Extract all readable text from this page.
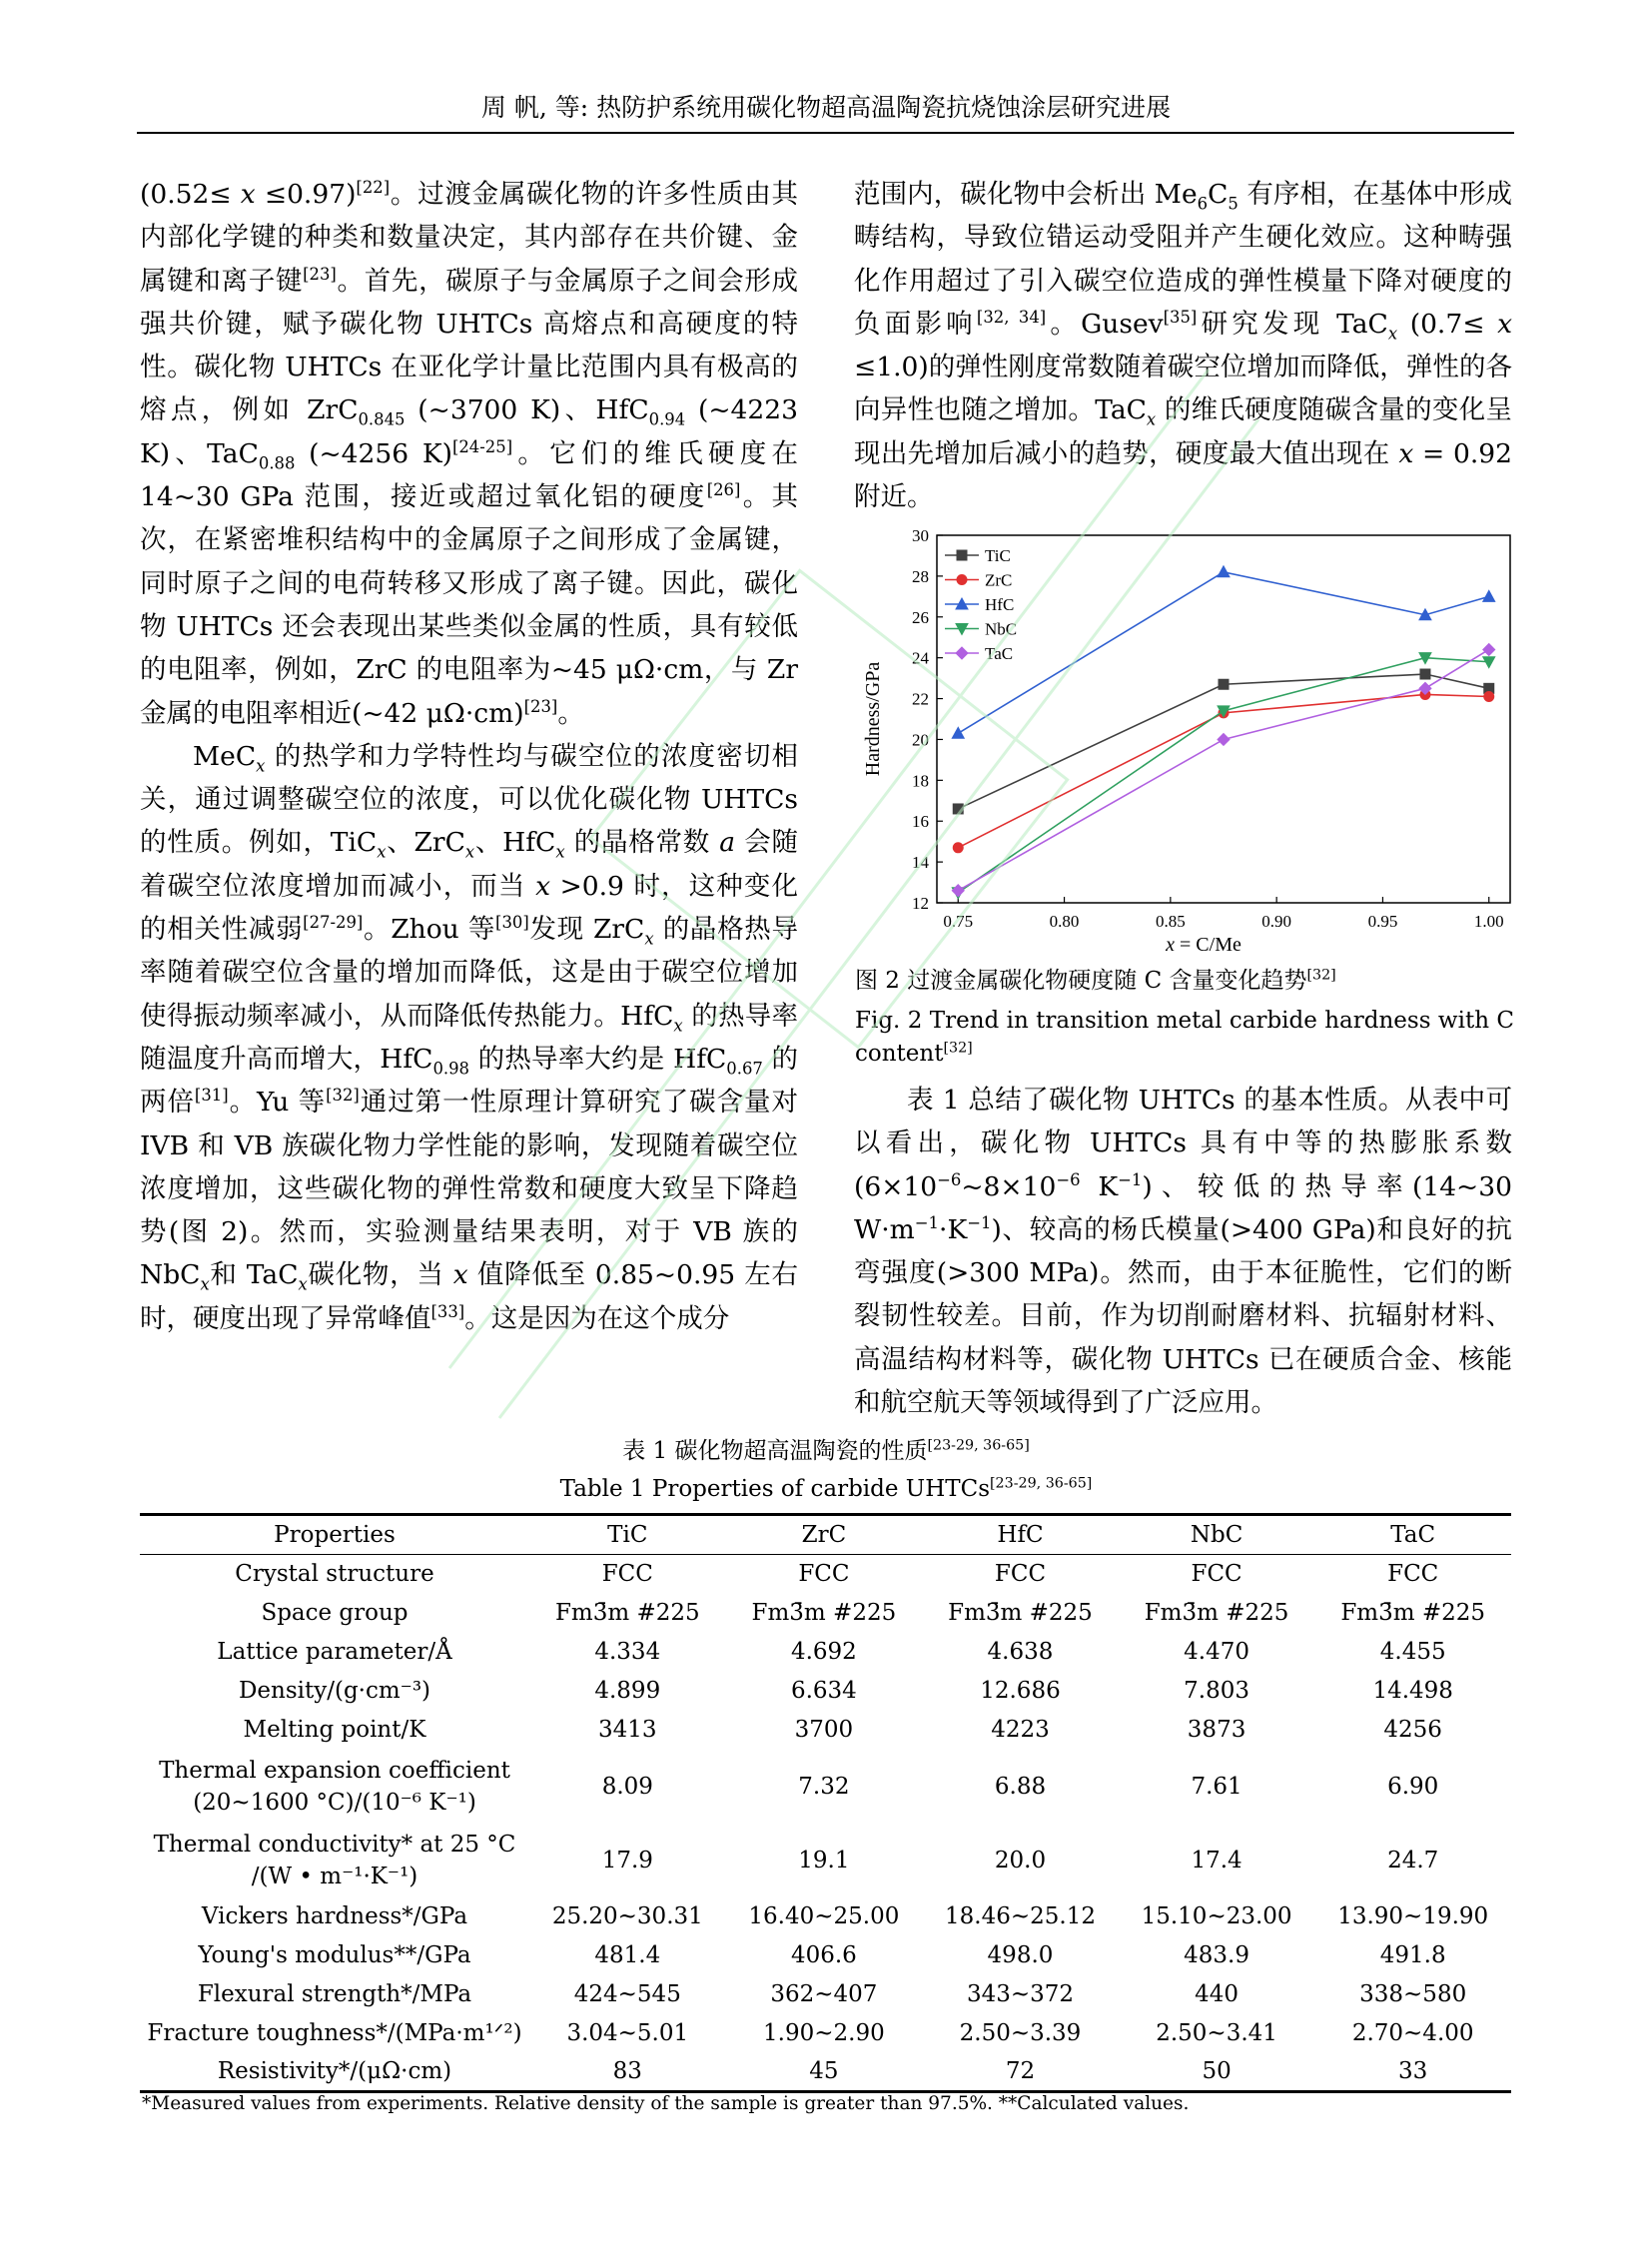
周 帆, 等: 热防护系统用碳化物超高温陶瓷抗烧蚀涂层研究进展

(0.52≤ x ≤0.97)[22]。过渡金属碳化物的许多性质由其内部化学键的种类和数量决定，其内部存在共价键、金属键和离子键[23]。首先，碳原子与金属原子之间会形成强共价键，赋予碳化物 UHTCs 高熔点和高硬度的特性。碳化物 UHTCs 在亚化学计量比范围内具有极高的熔点，例如 ZrC$_{0.845}$ (~3700 K)、HfC$_{0.94}$ (~4223 K)、TaC$_{0.88}$ (~4256 K)[24-25]。它们的维氏硬度在 14~30 GPa 范围，接近或超过氧化铝的硬度[26]。其次，在紧密堆积结构中的金属原子之间形成了金属键，同时原子之间的电荷转移又形成了离子键。因此，碳化物 UHTCs 还会表现出某些类似金属的性质，具有较低的电阻率，例如，ZrC 的电阻率为~45 μΩ·cm，与 Zr 金属的电阻率相近(~42 μΩ·cm)[23]。

MeC$_x$ 的热学和力学特性均与碳空位的浓度密切相关，通过调整碳空位的浓度，可以优化碳化物 UHTCs 的性质。例如，TiC$_x$、ZrC$_x$、HfC$_x$ 的晶格常数 a 会随着碳空位浓度增加而减小，而当 x >0.9 时，这种变化的相关性减弱[27-29]。Zhou 等[30]发现 ZrC$_x$ 的晶格热导率随着碳空位含量的增加而降低，这是由于碳空位增加使得振动频率减小，从而降低传热能力。HfC$_x$ 的热导率随温度升高而增大，HfC$_{0.98}$ 的热导率大约是 HfC$_{0.67}$ 的两倍[31]。Yu 等[32]通过第一性原理计算研究了碳含量对 IVB 和 VB 族碳化物力学性能的影响，发现随着碳空位浓度增加，这些碳化物的弹性常数和硬度大致呈下降趋势(图 2)。然而，实验测量结果表明，对于 VB 族的 NbC$_x$和 TaC$_x$碳化物，当 x 值降低至 0.85~0.95 左右时，硬度出现了异常峰值[33]。这是因为在这个成分

范围内，碳化物中会析出 $Me_6C_5$ 有序相，在基体中形成畴结构，导致位错运动受阻并产生硬化效应。这种畴强化作用超过了引入碳空位造成的弹性模量下降对硬度的负面影响[32, 34]。Gusev[35]研究发现 TaC$_x$ (0.7≤ x ≤1.0)的弹性刚度常数随着碳空位增加而降低，弹性的各向异性也随之增加。TaC$_x$ 的维氏硬度随碳含量的变化呈现出先增加后减小的趋势，硬度最大值出现在 x = 0.92 附近。

0.75	0.80	0.85	0.90	0.95	1.00
12
14
16
18
20
22
24
26
28
30
x = C/Me
Hardness/GPa
TiC
ZrC
HfC
NbC
TaC
图 2 过渡金属碳化物硬度随 C 含量变化趋势[32]
Fig. 2 Trend in transition metal carbide hardness with C content[32]

表 1 总结了碳化物 UHTCs 的基本性质。从表中可以看出，碳化物 UHTCs 具有中等的热膨胀系数($6\times 10^{-6}\sim 8\times 10^{-6}$ $K^{-1}$)、较低的热导率(14~30 $W\cdot m^{-1}\cdot K^{-1}$)、较高的杨氏模量(>400 GPa)和良好的抗弯强度(>300 MPa)。然而，由于本征脆性，它们的断裂韧性较差。目前，作为切削耐磨材料、抗辐射材料、高温结构材料等，碳化物 UHTCs 已在硬质合金、核能和航空航天等领域得到了广泛应用。

表 1 碳化物超高温陶瓷的性质[23-29, 36-65]
Table 1 Properties of carbide UHTCs[23-29, 36-65]
Properties	TiC	ZrC	HfC	NbC	TaC
Crystal structure	FCC	FCC	FCC	FCC	FCC
Space group	Fm3̄m #225	Fm3̄m #225	Fm3̄m #225	Fm3̄m #225	Fm3̄m #225
Lattice parameter/Å	4.334	4.692	4.638	4.470	4.455
Density/(g·cm⁻³)	4.899	6.634	12.686	7.803	14.498
Melting point/K	3413	3700	4223	3873	4256
Thermal expansion coefficient
(20~1600 °C)/(10⁻⁶ K⁻¹)	8.09	7.32	6.88	7.61	6.90
Thermal conductivity* at 25 °C
/(W • m⁻¹·K⁻¹)	17.9	19.1	20.0	17.4	24.7
Vickers hardness*/GPa	25.20~30.31	16.40~25.00	18.46~25.12	15.10~23.00	13.90~19.90
Young's modulus**/GPa	481.4	406.6	498.0	483.9	491.8
Flexural strength*/MPa	424~545	362~407	343~372	440	338~580
Fracture toughness*/(MPa·m¹ᐟ²)	3.04~5.01	1.90~2.90	2.50~3.39	2.50~3.41	2.70~4.00
Resistivity*/(μΩ·cm)	83	45	72	50	33
*Measured values from experiments. Relative density of the sample is greater than 97.5%. **Calculated values.
